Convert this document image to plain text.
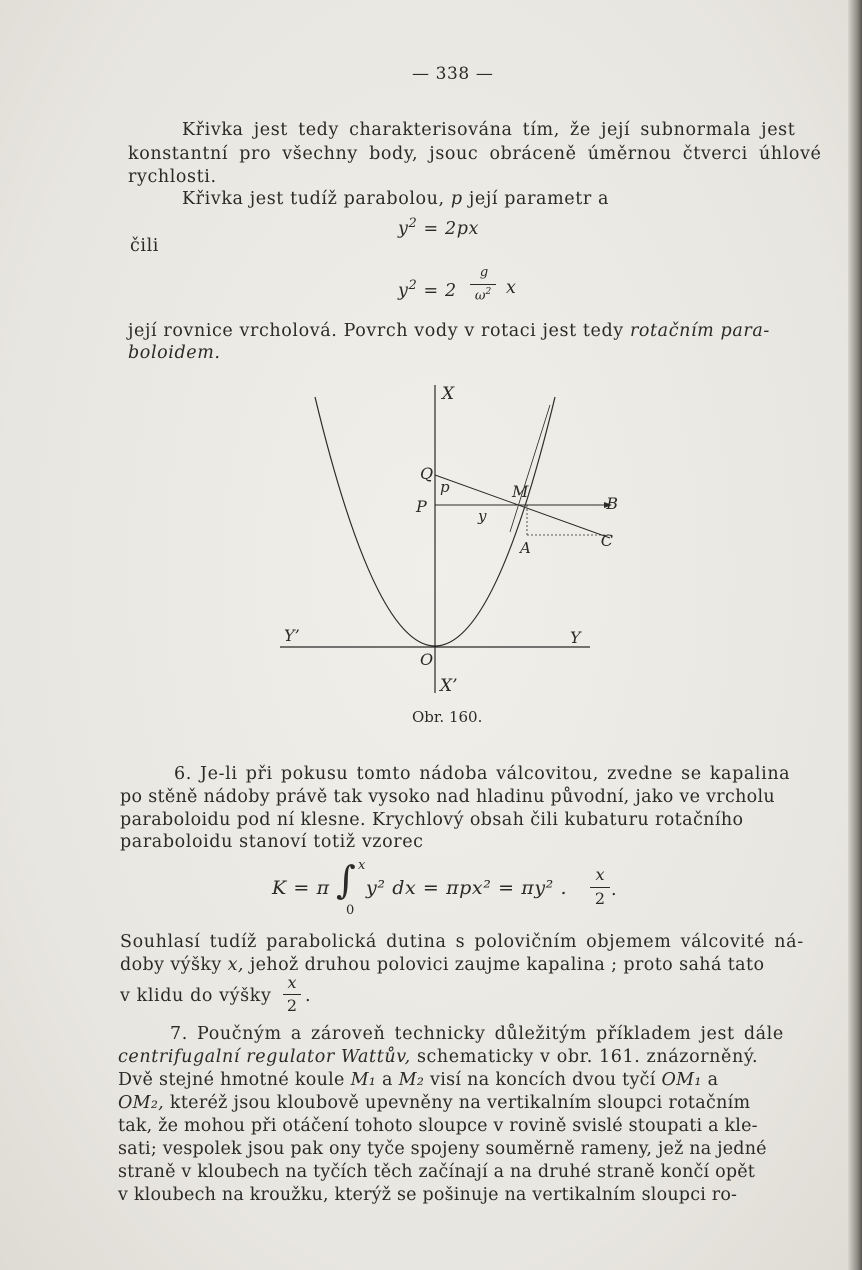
— 338 —
Křivka jest tedy charakterisována tím, že její subnormala jest
konstantní pro všechny body, jsouc obráceně úměrnou čtverci úhlové
rychlosti.
Křivka jest tudíž parabolou, p její parametr a
$y^2 = 2px$
čili
$y^2 = 2$
g
$\omega^2$ x
její rovnice vrcholová. Povrch vody v rotaci jest tedy rotačním para-
boloidem.
X
Q
p	M
P	y
B
A	C
Y’	Y
O
X’
Obr. 160.
6. Je-li při pokusu tomto nádoba válcovitou, zvedne se kapalina
po stěně nádoby právě tak vysoko nad hladinu původní, jako ve vrcholu
paraboloidu pod ní klesne. Krychlový obsah čili kubaturu rotačního
paraboloidu stanoví totiž vzorec
K = π ∫ x
0
y² dx = πpx² = πy² .
x
2 .
Souhlasí tudíž parabolická dutina s polovičním objemem válcovité ná-
doby výšky x, jehož druhou polovici zaujme kapalina ; proto sahá tato
v klidu do výšky
x
2 .
7. Poučným a zároveň technicky důležitým příkladem jest dále
centrifugalní regulator Wattův, schematicky v obr. 161. znázorněný.
Dvě stejné hmotné koule M₁ a M₂ visí na koncích dvou tyčí OM₁ a
OM₂, kteréž jsou kloubově upevněny na vertikalním sloupci rotačním
tak, že mohou při otáčení tohoto sloupce v rovině svislé stoupati a kle-
sati; vespolek jsou pak ony tyče spojeny souměrně rameny, jež na jedné
straně v kloubech na tyčích těch začínají a na druhé straně končí opět
v kloubech na kroužku, kterýž se pošinuje na vertikalním sloupci ro-
